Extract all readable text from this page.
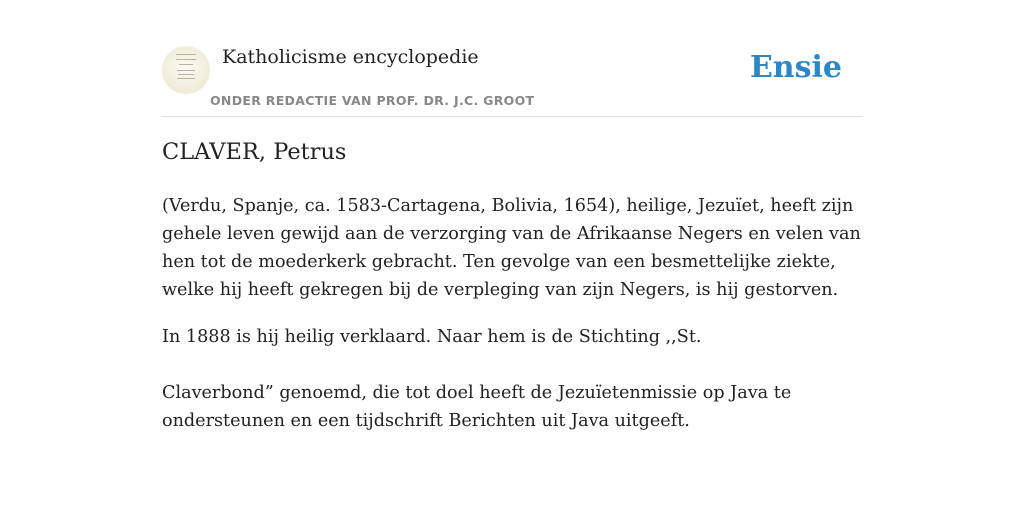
Katholicisme encyclopedie
ONDER REDACTIE VAN PROF. DR. J.C. GROOT
Ensie
CLAVER, Petrus

(Verdu, Spanje, ca. 1583-Cartagena, Bolivia, 1654), heilige, Jezuïet, heeft zijn gehele leven gewijd aan de verzorging van de Afrikaanse Negers en velen van hen tot de moederkerk gebracht. Ten gevolge van een besmettelijke ziekte, welke hij heeft gekregen bij de verpleging van zijn Negers, is hij gestorven.

In 1888 is hij heilig verklaard. Naar hem is de Stichting ,,St.

Claverbond” genoemd, die tot doel heeft de Jezuïetenmissie op Java te ondersteunen en een tijdschrift Berichten uit Java uitgeeft.
